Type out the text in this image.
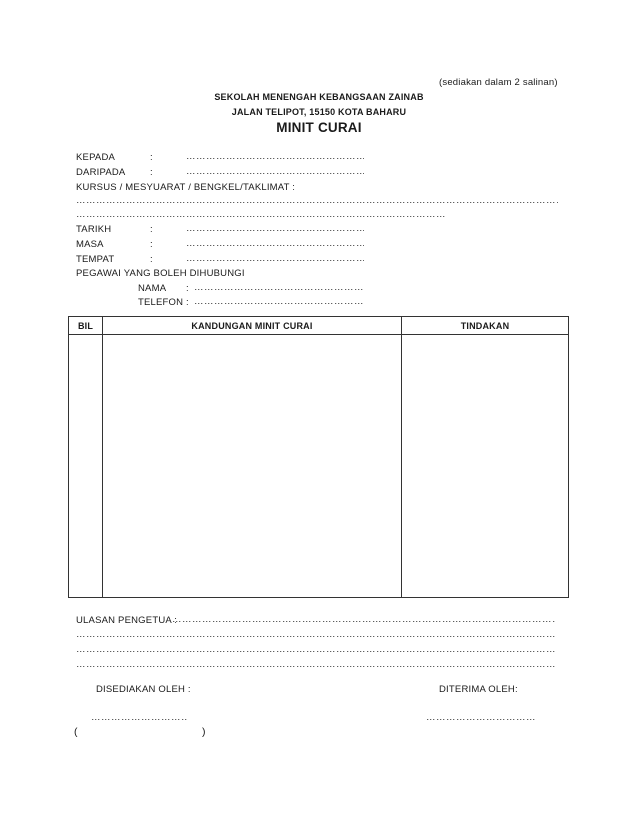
(sediakan dalam 2 salinan)
SEKOLAH MENENGAH KEBANGSAAN ZAINAB
JALAN TELIPOT, 15150 KOTA BAHARU
MINIT CURAI
KEPADA	:
……………………………………………………………………………………………………………………………………………………………………………………………………………………………………………………………
DARIPADA	:
……………………………………………………………………………………………………………………………………………………………………………………………………………………………………………………………
KURSUS / MESYUARAT / BENGKEL/TAKLIMAT :
……………………………………………………………………………………………………………………………………………………………………………………………………………………………………………………………
……………………………………………………………………………………………………………………………………………………………………………………………………………………………………………………………
TARIKH	:
……………………………………………………………………………………………………………………………………………………………………………………………………………………………………………………………
MASA	:
……………………………………………………………………………………………………………………………………………………………………………………………………………………………………………………………
TEMPAT	:
……………………………………………………………………………………………………………………………………………………………………………………………………………………………………………………………
PEGAWAI YANG BOLEH DIHUBUNGI
NAMA :
……………………………………………………………………………………………………………………………………………………………………………………………………………………………………………………………
TELEFON :
……………………………………………………………………………………………………………………………………………………………………………………………………………………………………………………………
BIL	KANDUNGAN MINIT CURAI	TINDAKAN

ULASAN PENGETUA :
……………………………………………………………………………………………………………………………………………………………………………………………………………………………………………………………
……………………………………………………………………………………………………………………………………………………………………………………………………………………………………………………………
……………………………………………………………………………………………………………………………………………………………………………………………………………………………………………………………
……………………………………………………………………………………………………………………………………………………………………………………………………………………………………………………………
DISEDIAKAN OLEH :	DITERIMA OLEH:
……………………………………………………………………………………………………………………………………………………………………………………………………………………………………………………………
……………………………………………………………………………………………………………………………………………………………………………………………………………………………………………………………
(	)
